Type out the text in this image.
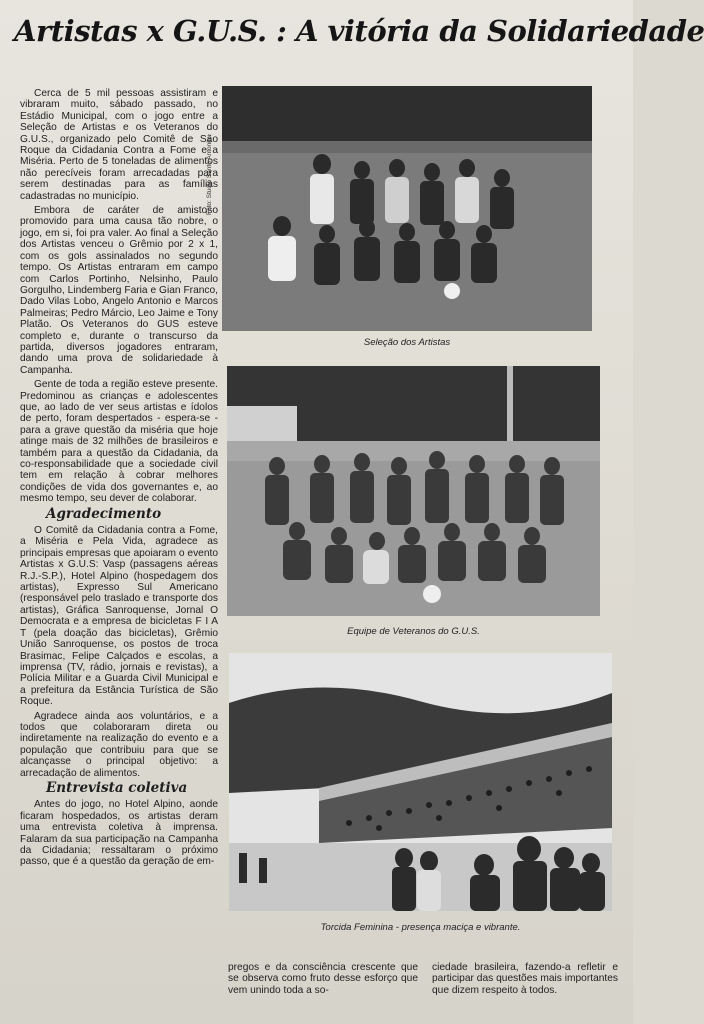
Artistas x G.U.S. : A vitória da Solidariedade

Cerca de 5 mil pessoas assistiram e vibraram muito, sábado passado, no Estádio Municipal, com o jogo entre a Seleção de Artistas e os Veteranos do G.U.S., organizado pelo Comitê de São Roque da Cidadania Contra a Fome e a Miséria. Perto de 5 toneladas de alimentos não perecíveis foram arrecadadas para serem destinadas para as famílias cadastradas no município.

Embora de caráter de amistoso promovido para uma causa tão nobre, o jogo, em si, foi pra valer. Ao final a Seleção dos Artistas venceu o Grêmio por 2 x 1, com os gols assinalados no segundo tempo. Os Artistas entraram em campo com Carlos Portinho, Nelsinho, Paulo Gorgulho, Lindemberg Faria e Gian Franco, Dado Vilas Lobo, Angelo Antonio e Marcos Palmeiras; Pedro Márcio, Leo Jaime e Tony Platão. Os Veteranos do GUS esteve completo e, durante o transcurso da partida, diversos jogadores entraram, dando uma prova de solidariedade à Campanha.

Gente de toda a região esteve presente. Predominou as crianças e adolescentes que, ao lado de ver seus artistas e ídolos de perto, foram despertados - espera-se - para a grave questão da miséria que hoje atinge mais de 32 milhões de brasileiros e também para a questão da Cidadania, da co-responsabilidade que a sociedade civil tem em relação à cobrar melhores condições de vida dos governantes e, ao mesmo tempo, seu dever de colaborar.

Agradecimento

O Comitê da Cidadania contra a Fome, a Miséria e Pela Vida, agradece as principais empresas que apoiaram o evento Artistas x G.U.S: Vasp (passagens aéreas R.J.-S.P.), Hotel Alpino (hospedagem dos artistas), Expresso Sul Americano (responsável pelo traslado e transporte dos artistas), Gráfica Sanroquense, Jornal O Democrata e a empresa de bicicletas F I A T (pela doação das bicicletas), Grêmio União Sanroquense, os postos de troca Brasimac, Felipe Calçados e escolas, a imprensa (TV, rádio, jornais e revistas), a Polícia Militar e a Guarda Civil Municipal e a prefeitura da Estância Turística de São Roque.

Agradece ainda aos voluntários, e a todos que colaboraram direta ou indiretamente na realização do evento e a população que contribuiu para que se alcançasse o principal objetivo: a arrecadação de alimentos.

Entrevista coletiva

Antes do jogo, no Hotel Alpino, aonde ficaram hospedados, os artistas deram uma entrevista coletiva à imprensa. Falaram da sua participação na Campanha da Cidadania; ressaltaram o próximo passo, que é a questão da geração de em-

Foto: Studio Santo Antonio
Seleção dos Artistas
Equipe de Veteranos do G.U.S.
Torcida Feminina - presença maciça e vibrante.
pregos e da consciência crescente que se observa como fruto desse esforço que vem unindo toda a so-
ciedade brasileira, fazendo-a refletir e participar das questões mais importantes que dizem respeito à todos.
